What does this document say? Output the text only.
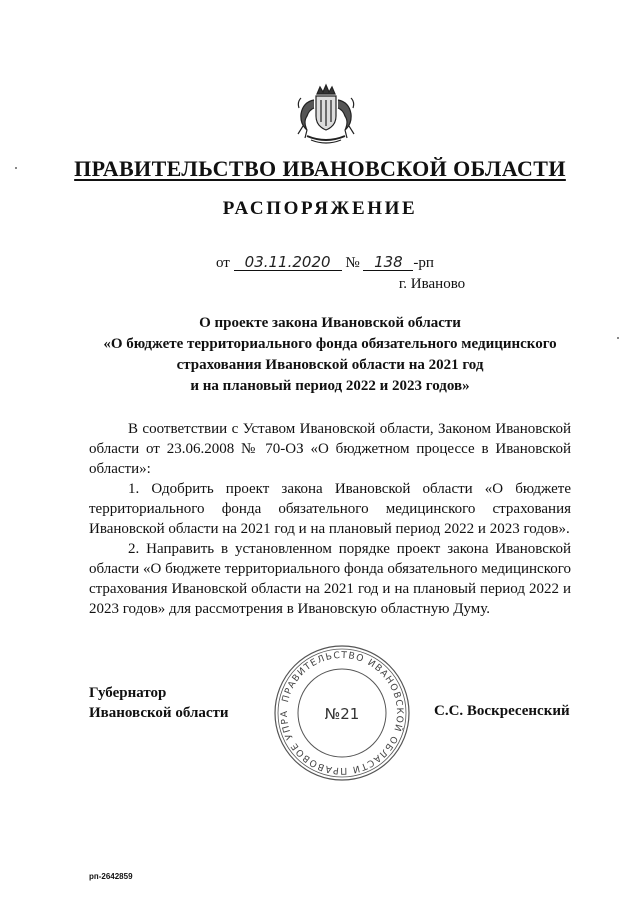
ПРАВИТЕЛЬСТВО ИВАНОВСКОЙ ОБЛАСТИ
РАСПОРЯЖЕНИЕ
от 03.11.2020 № 138 -рп
г. Иваново
О проекте закона Ивановской области
«О бюджете территориального фонда обязательного медицинского
страхования Ивановской области на 2021 год
и на плановый период 2022 и 2023 годов»

В соответствии с Уставом Ивановской области, Законом Ивановской области от 23.06.2008 № 70-ОЗ «О бюджетном процессе в Ивановской области»:

1. Одобрить проект закона Ивановской области «О бюджете территориального фонда обязательного медицинского страхования Ивановской области на 2021 год и на плановый период 2022 и 2023 годов».

2. Направить в установленном порядке проект закона Ивановской области «О бюджете территориального фонда обязательного медицинского страхования Ивановской области на 2021 год и на плановый период 2022 и 2023 годов» для рассмотрения в Ивановскую областную Думу.

Губернатор
Ивановской области
ПРАВИТЕЛЬСТВО ИВАНОВСКОЙ ОБЛАСТИ ПРАВОВОЕ УПРА	№21	С.С. Воскресенский
рп-2642859
